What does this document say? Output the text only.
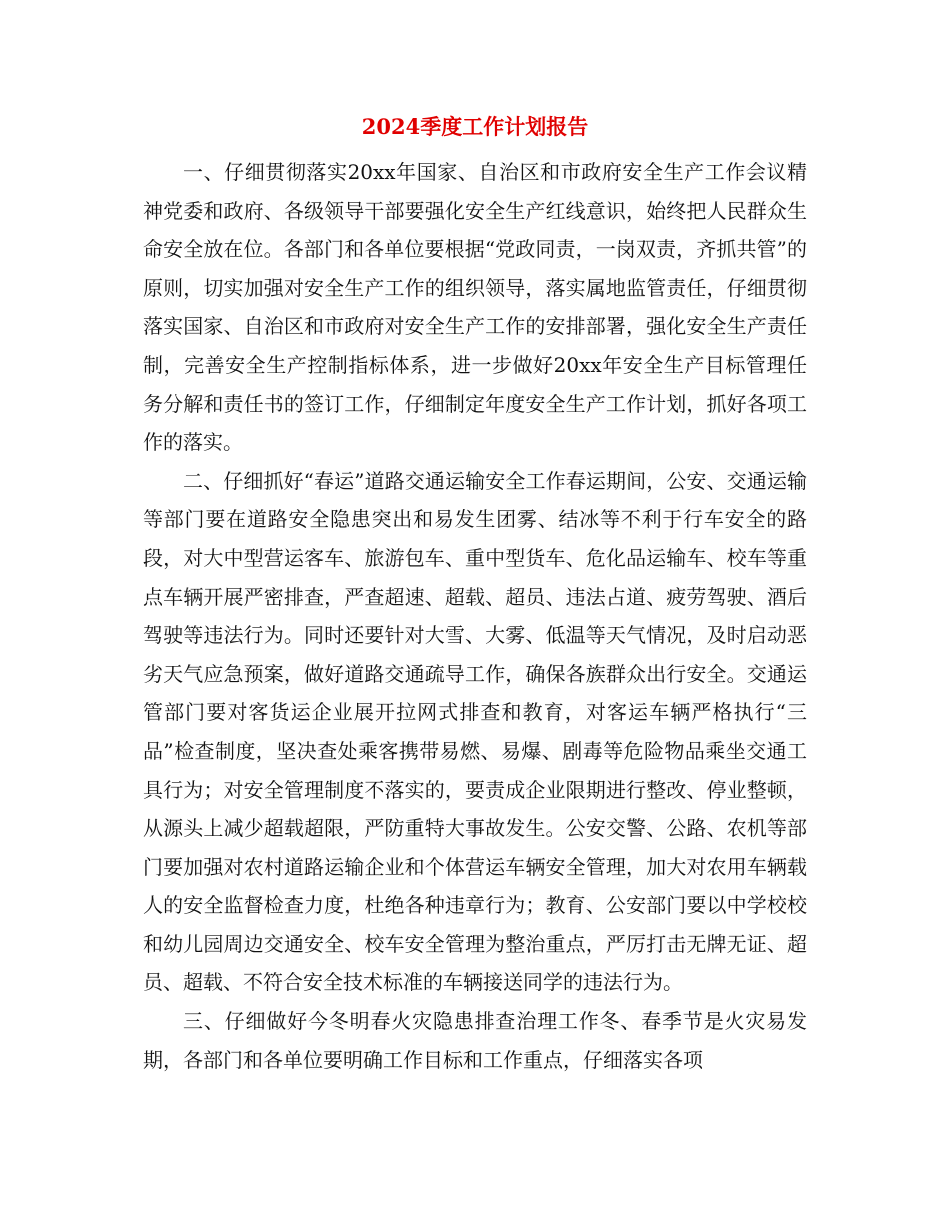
2024季度工作计划报告

一、仔细贯彻落实20xx年国家、自治区和市政府安全生产工作会议精神党委和政府、各级领导干部要强化安全生产红线意识，始终把人民群众生命安全放在位。各部门和各单位要根据“党政同责，一岗双责，齐抓共管”的原则，切实加强对安全生产工作的组织领导，落实属地监管责任，仔细贯彻落实国家、自治区和市政府对安全生产工作的安排部署，强化安全生产责任制，完善安全生产控制指标体系，进一步做好20xx年安全生产目标管理任务分解和责任书的签订工作，仔细制定年度安全生产工作计划，抓好各项工作的落实。

二、仔细抓好“春运”道路交通运输安全工作春运期间，公安、交通运输等部门要在道路安全隐患突出和易发生团雾、结冰等不利于行车安全的路段，对大中型营运客车、旅游包车、重中型货车、危化品运输车、校车等重点车辆开展严密排查，严查超速、超载、超员、违法占道、疲劳驾驶、酒后驾驶等违法行为。同时还要针对大雪、大雾、低温等天气情况，及时启动恶劣天气应急预案，做好道路交通疏导工作，确保各族群众出行安全。交通运管部门要对客货运企业展开拉网式排查和教育，对客运车辆严格执行“三品”检查制度，坚决查处乘客携带易燃、易爆、剧毒等危险物品乘坐交通工具行为；对安全管理制度不落实的，要责成企业限期进行整改、停业整顿，从源头上减少超载超限，严防重特大事故发生。公安交警、公路、农机等部门要加强对农村道路运输企业和个体营运车辆安全管理，加大对农用车辆载人的安全监督检查力度，杜绝各种违章行为；教育、公安部门要以中学校校和幼儿园周边交通安全、校车安全管理为整治重点，严厉打击无牌无证、超员、超载、不符合安全技术标准的车辆接送同学的违法行为。

三、仔细做好今冬明春火灾隐患排查治理工作冬、春季节是火灾易发期，各部门和各单位要明确工作目标和工作重点，仔细落实各项
